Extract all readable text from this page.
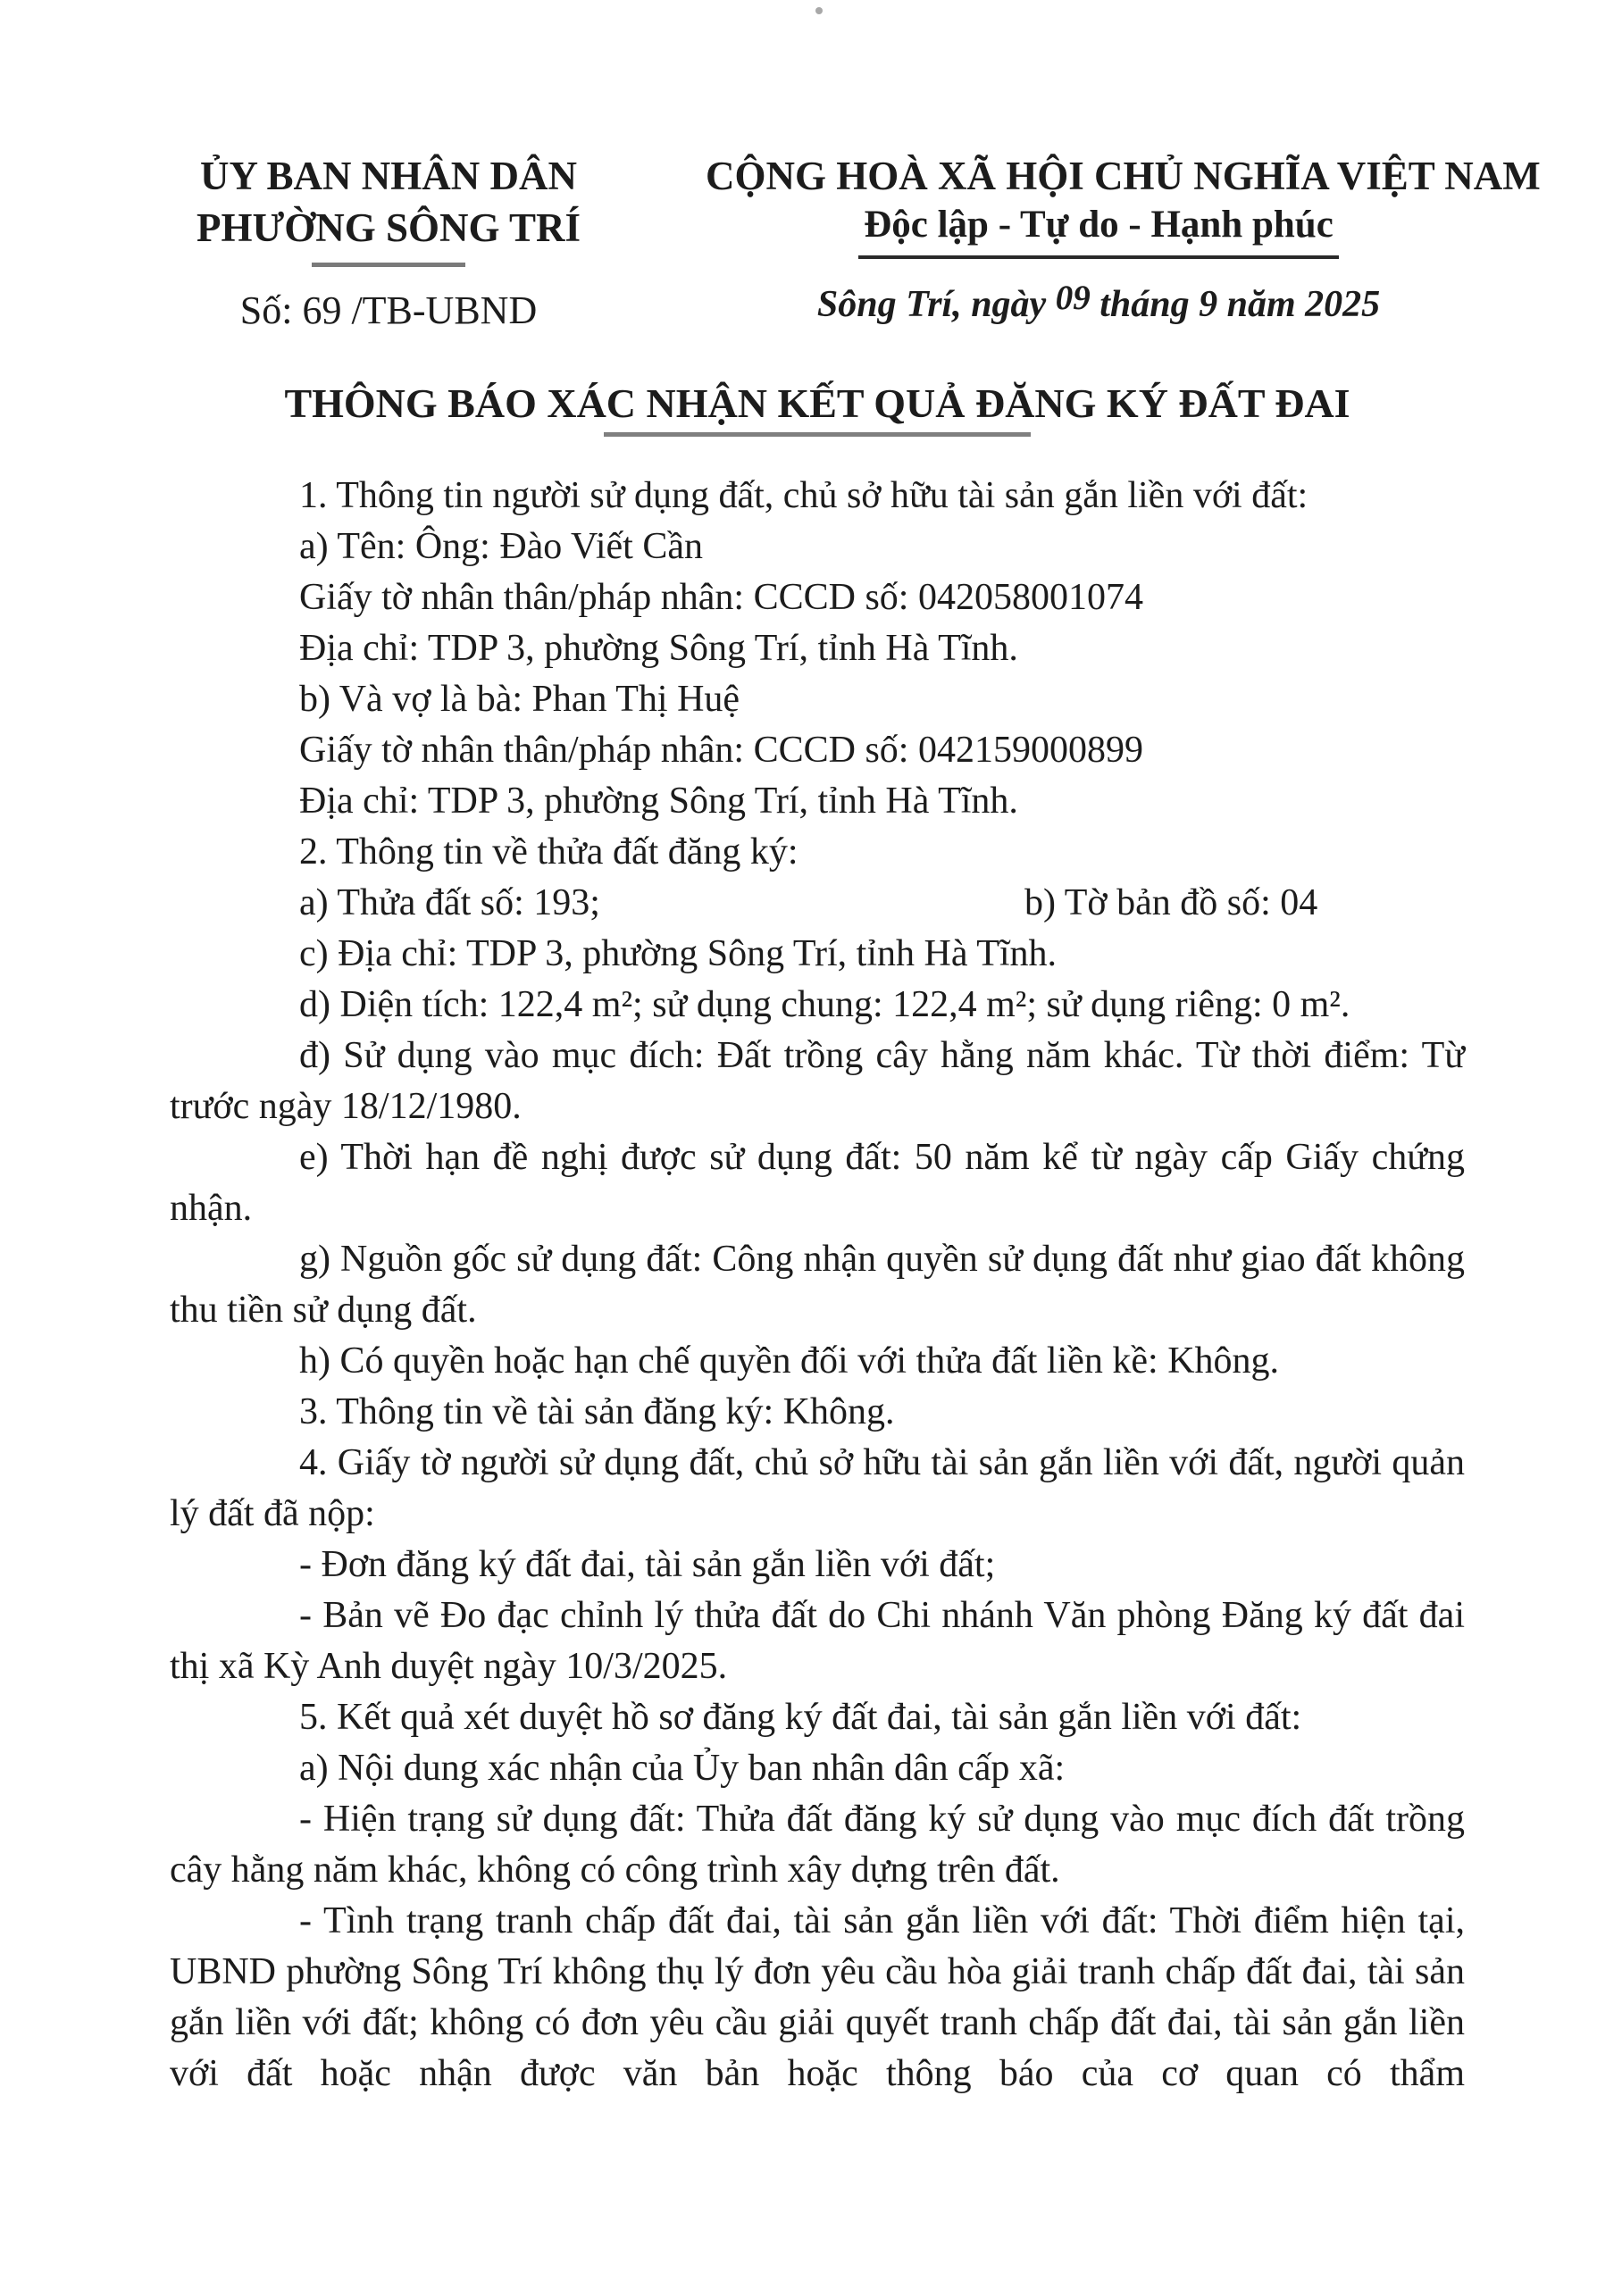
ỦY BAN NHÂN DÂN
PHƯỜNG SÔNG TRÍ
Số: 69 /TB-UBND
CỘNG HOÀ XÃ HỘI CHỦ NGHĨA VIỆT NAM
Độc lập - Tự do - Hạnh phúc
Sông Trí, ngày 09 tháng 9 năm 2025
THÔNG BÁO XÁC NHẬN KẾT QUẢ ĐĂNG KÝ ĐẤT ĐAI

1. Thông tin người sử dụng đất, chủ sở hữu tài sản gắn liền với đất:

a) Tên: Ông: Đào Viết Cần

Giấy tờ nhân thân/pháp nhân: CCCD số: 042058001074

Địa chỉ: TDP 3, phường Sông Trí, tỉnh Hà Tĩnh.

b) Và vợ là bà: Phan Thị Huệ

Giấy tờ nhân thân/pháp nhân: CCCD số: 042159000899

Địa chỉ: TDP 3, phường Sông Trí, tỉnh Hà Tĩnh.

2. Thông tin về thửa đất đăng ký:

a) Thửa đất số: 193;	b) Tờ bản đồ số: 04

c) Địa chỉ: TDP 3, phường Sông Trí, tỉnh Hà Tĩnh.

d) Diện tích: 122,4 m²; sử dụng chung: 122,4 m²; sử dụng riêng: 0 m².

đ) Sử dụng vào mục đích: Đất trồng cây hằng năm khác. Từ thời điểm: Từ trước ngày 18/12/1980.

e) Thời hạn đề nghị được sử dụng đất: 50 năm kể từ ngày cấp Giấy chứng nhận.

g) Nguồn gốc sử dụng đất: Công nhận quyền sử dụng đất như giao đất không thu tiền sử dụng đất.

h) Có quyền hoặc hạn chế quyền đối với thửa đất liền kề: Không.

3. Thông tin về tài sản đăng ký: Không.

4. Giấy tờ người sử dụng đất, chủ sở hữu tài sản gắn liền với đất, người quản lý đất đã nộp:

- Đơn đăng ký đất đai, tài sản gắn liền với đất;

- Bản vẽ Đo đạc chỉnh lý thửa đất do Chi nhánh Văn phòng Đăng ký đất đai thị xã Kỳ Anh duyệt ngày 10/3/2025.

5. Kết quả xét duyệt hồ sơ đăng ký đất đai, tài sản gắn liền với đất:

a) Nội dung xác nhận của Ủy ban nhân dân cấp xã:

- Hiện trạng sử dụng đất: Thửa đất đăng ký sử dụng vào mục đích đất trồng cây hằng năm khác, không có công trình xây dựng trên đất.

- Tình trạng tranh chấp đất đai, tài sản gắn liền với đất: Thời điểm hiện tại, UBND phường Sông Trí không thụ lý đơn yêu cầu hòa giải tranh chấp đất đai, tài sản gắn liền với đất; không có đơn yêu cầu giải quyết tranh chấp đất đai, tài sản gắn liền với đất hoặc nhận được văn bản hoặc thông báo của cơ quan có thẩm
